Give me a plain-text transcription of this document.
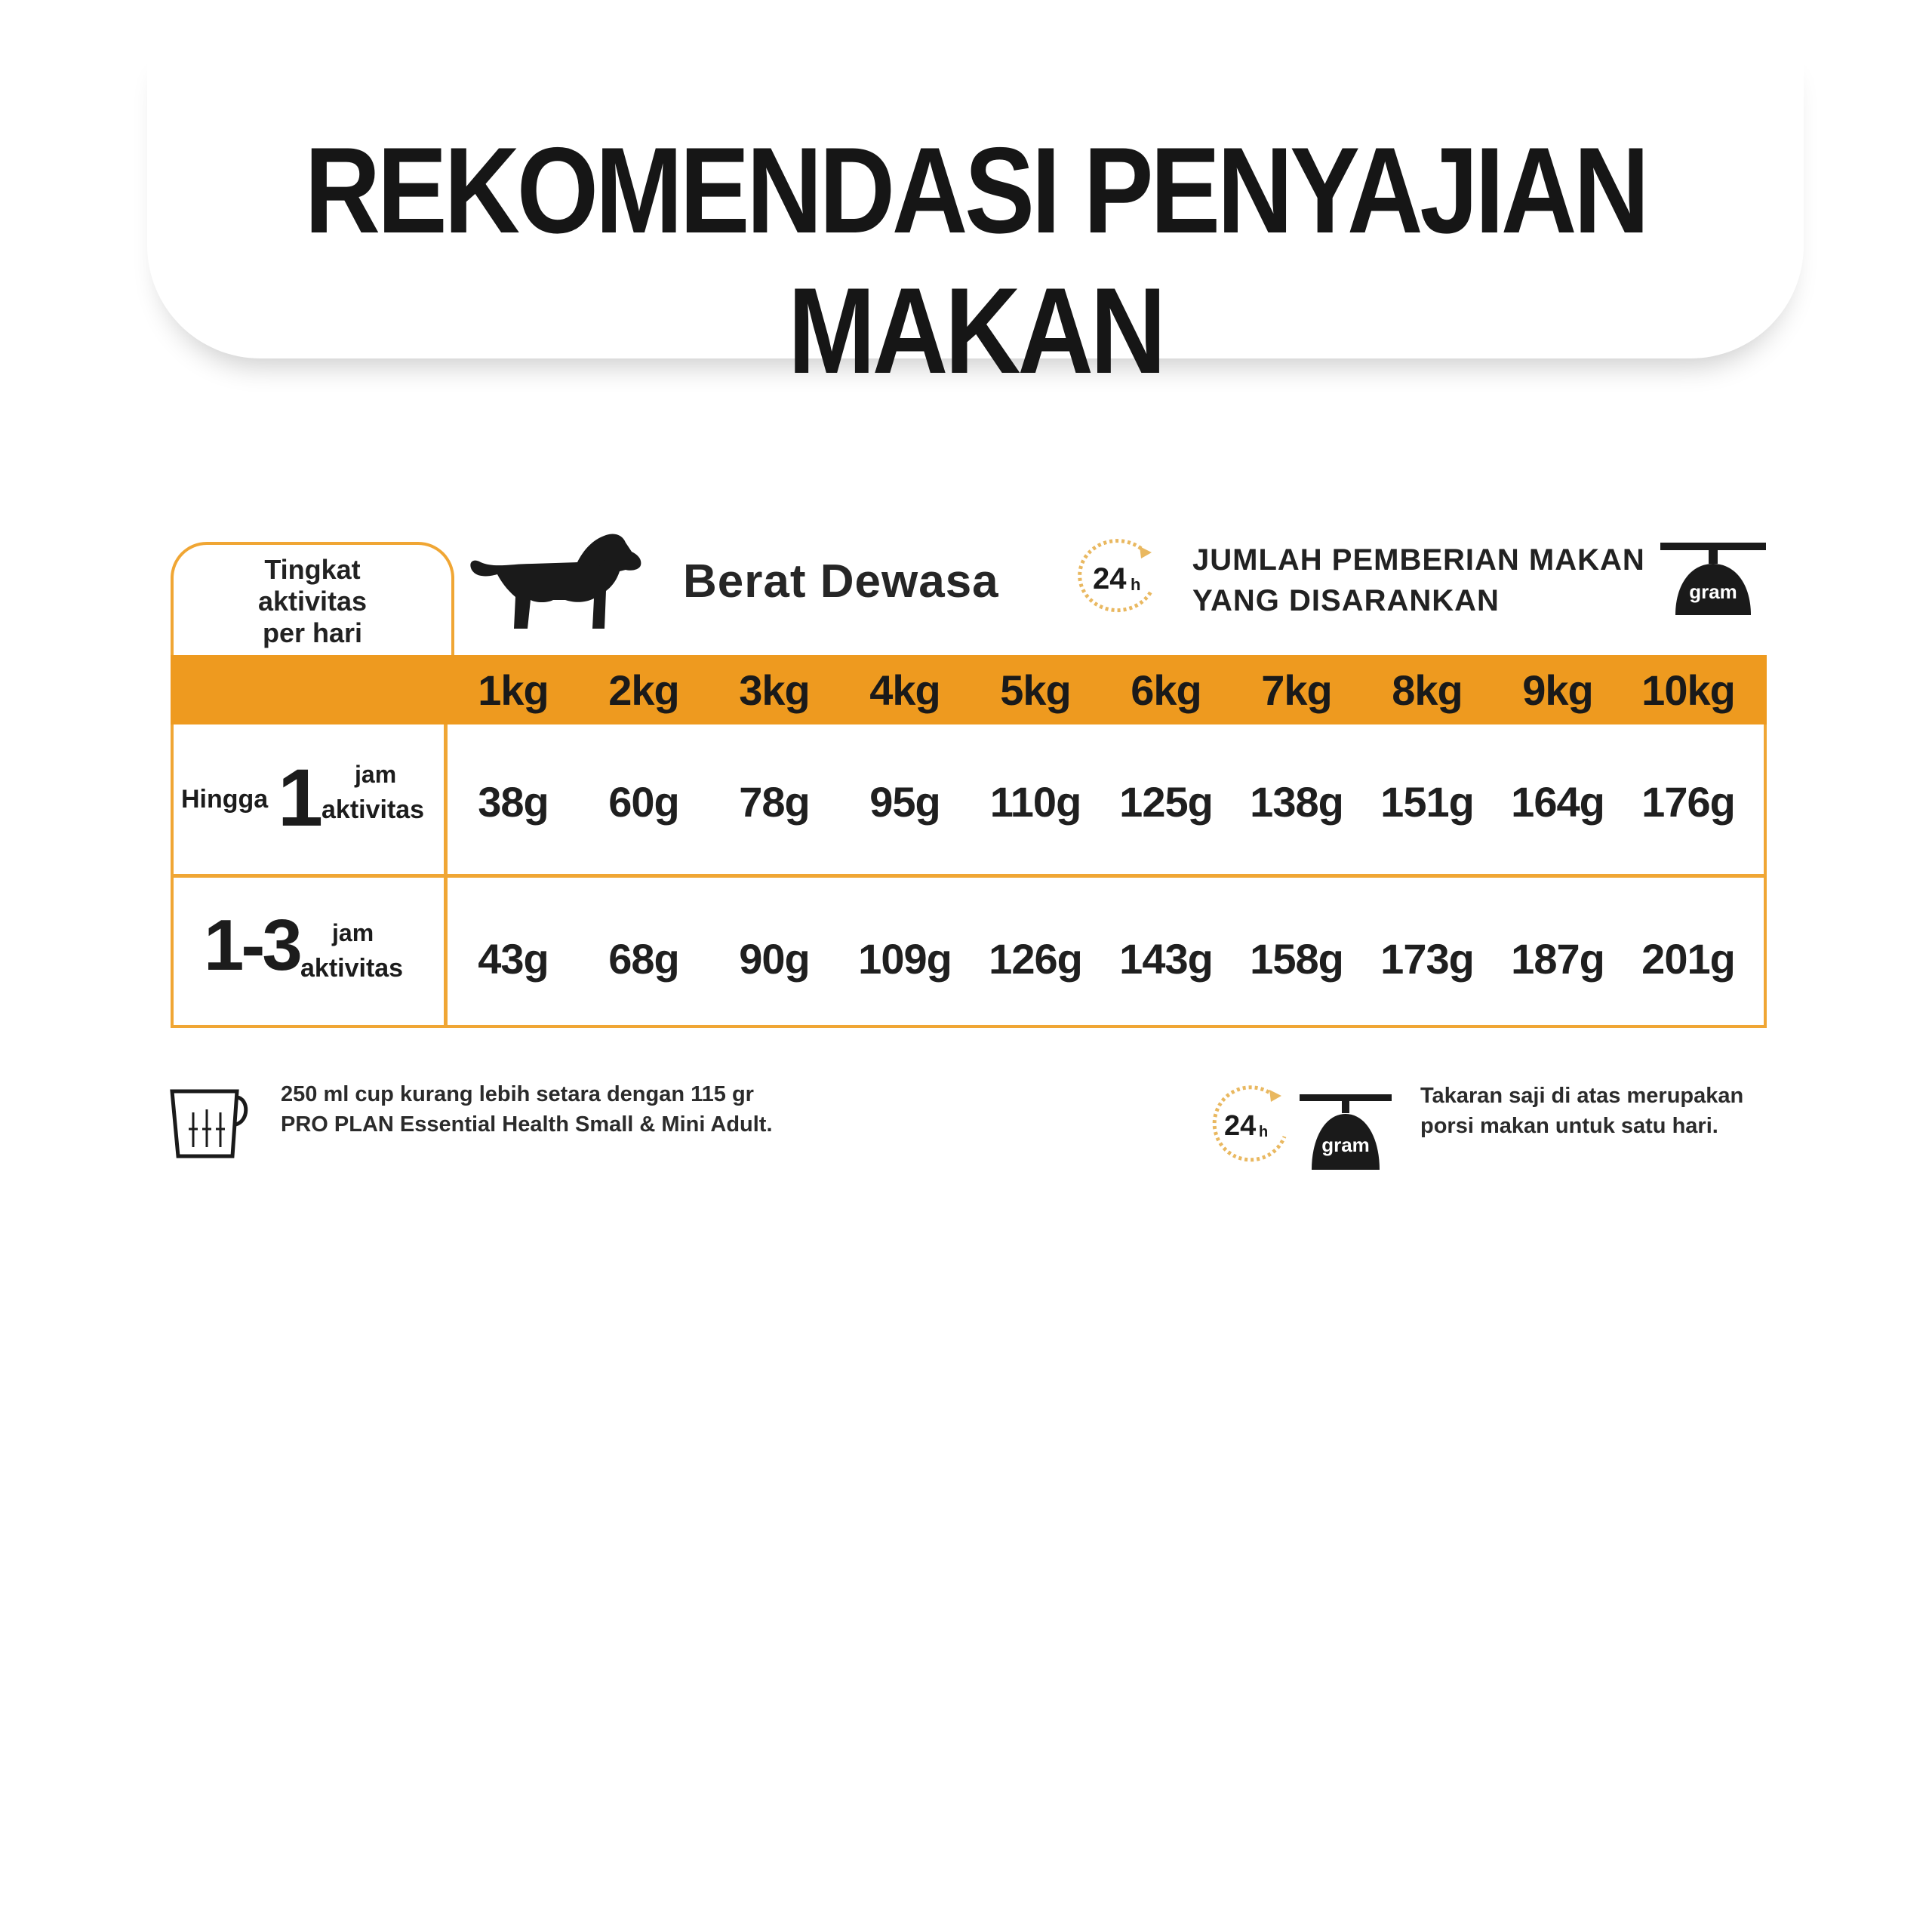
REKOMENDASI PENYAJIAN MAKAN
Tingkat
aktivitas
per hari
Berat Dewasa	24 h
JUMLAH PEMBERIAN MAKAN
YANG DISARANKAN	gram
1kg	2kg	3kg	4kg	5kg	6kg	7kg	8kg	9kg	10kg
Hingga 1 jam
aktivitas	38g	60g	78g	95g	110g 125g 138g 151g 164g 176g
1-3 jam
aktivitas	43g	68g	90g	109g 126g 143g 158g 173g 187g 201g
250 ml cup kurang lebih setara dengan 115 gr
PRO PLAN Essential Health Small & Mini Adult.	24 h
gram
Takaran saji di atas merupakan
porsi makan untuk satu hari.
